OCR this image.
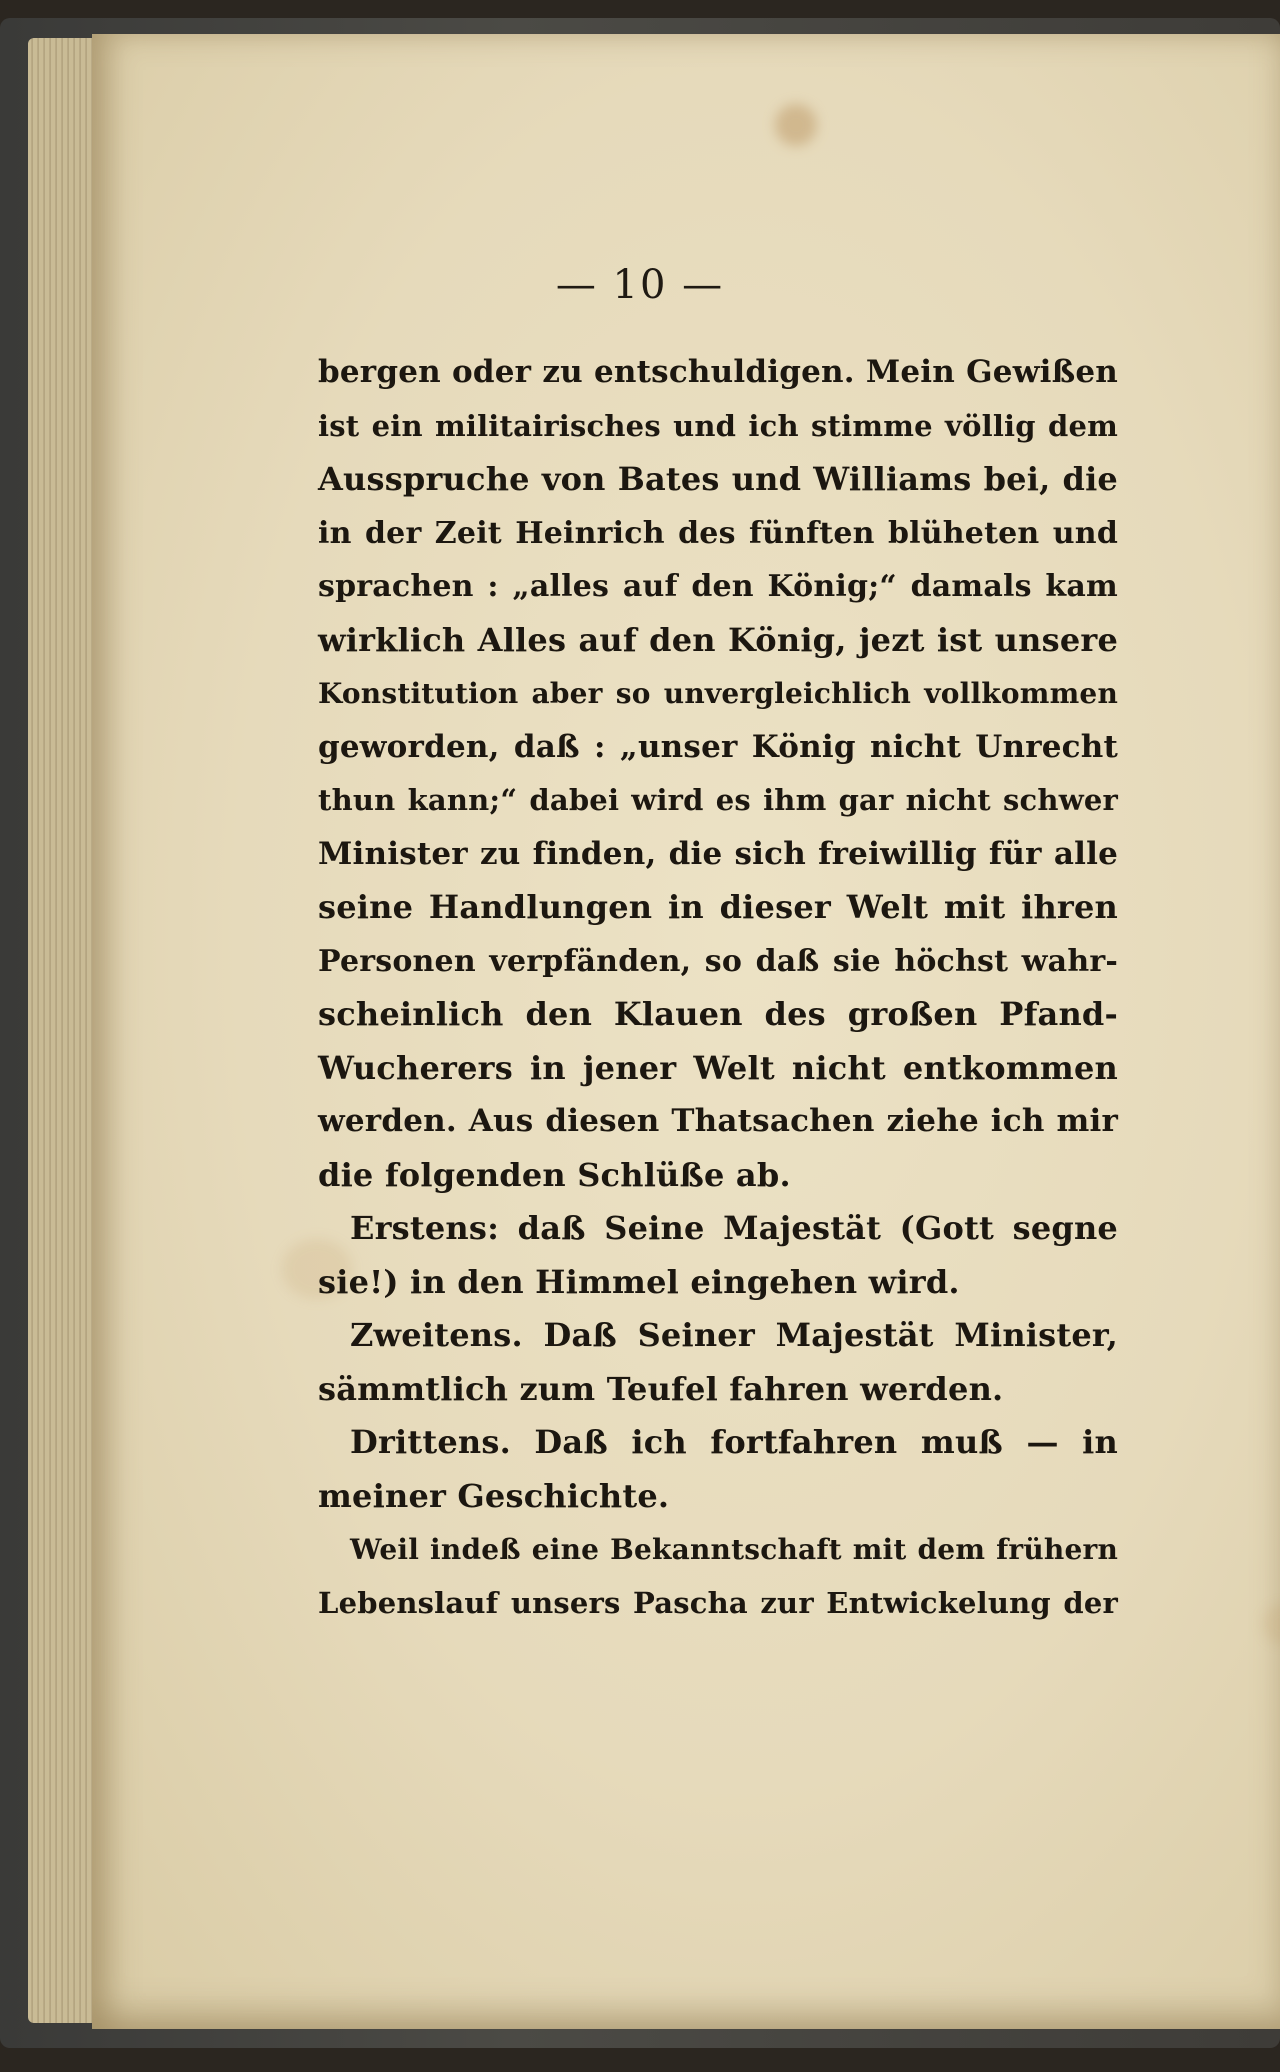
— 10 —
bergen oder zu entschuldigen. Mein Gewißen
ist ein militairisches und ich stimme völlig dem
Ausspruche von Bates und Williams bei, die
in der Zeit Heinrich des fünften blüheten und
sprachen : „alles auf den König;“ damals kam
wirklich Alles auf den König, jezt ist unsere
Konstitution aber so unvergleichlich vollkommen
geworden, daß : „unser König nicht Unrecht
thun kann;“ dabei wird es ihm gar nicht schwer
Minister zu finden, die sich freiwillig für alle
seine Handlungen in dieser Welt mit ihren
Personen verpfänden, so daß sie höchst wahr-
scheinlich den Klauen des großen Pfand-
Wucherers in jener Welt nicht entkommen
werden. Aus diesen Thatsachen ziehe ich mir
die folgenden Schlüße ab.
Erstens: daß Seine Majestät (Gott segne
sie!) in den Himmel eingehen wird.
Zweitens. Daß Seiner Majestät Minister,
sämmtlich zum Teufel fahren werden.
Drittens. Daß ich fortfahren muß — in
meiner Geschichte.
Weil indeß eine Bekanntschaft mit dem frühern
Lebenslauf unsers Pascha zur Entwickelung der
